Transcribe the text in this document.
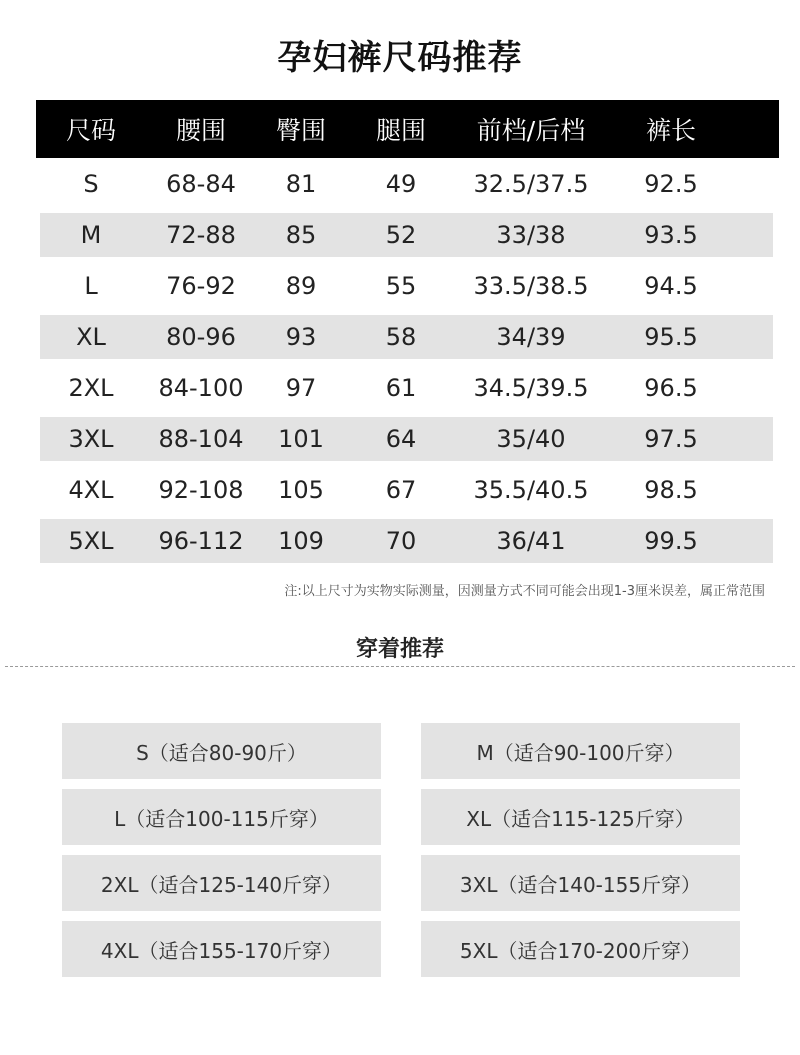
孕妇裤尺码推荐
尺码	腰围	臀围	腿围	前档/后档	裤长
S	68-84	81	49	32.5/37.5	92.5
M	72-88	85	52	33/38	93.5
L	76-92	89	55	33.5/38.5	94.5
XL	80-96	93	58	34/39	95.5
2XL	84-100	97	61	34.5/39.5	96.5
3XL	88-104	101	64	35/40	97.5
4XL	92-108	105	67	35.5/40.5	98.5
5XL	96-112	109	70	36/41	99.5
注:以上尺寸为实物实际测量，因测量方式不同可能会出现1-3厘米误差，属正常范围
穿着推荐
S（适合80-90斤）	M（适合90-100斤穿）
L（适合100-115斤穿）	XL（适合115-125斤穿）
2XL（适合125-140斤穿）	3XL（适合140-155斤穿）
4XL（适合155-170斤穿）	5XL（适合170-200斤穿）
